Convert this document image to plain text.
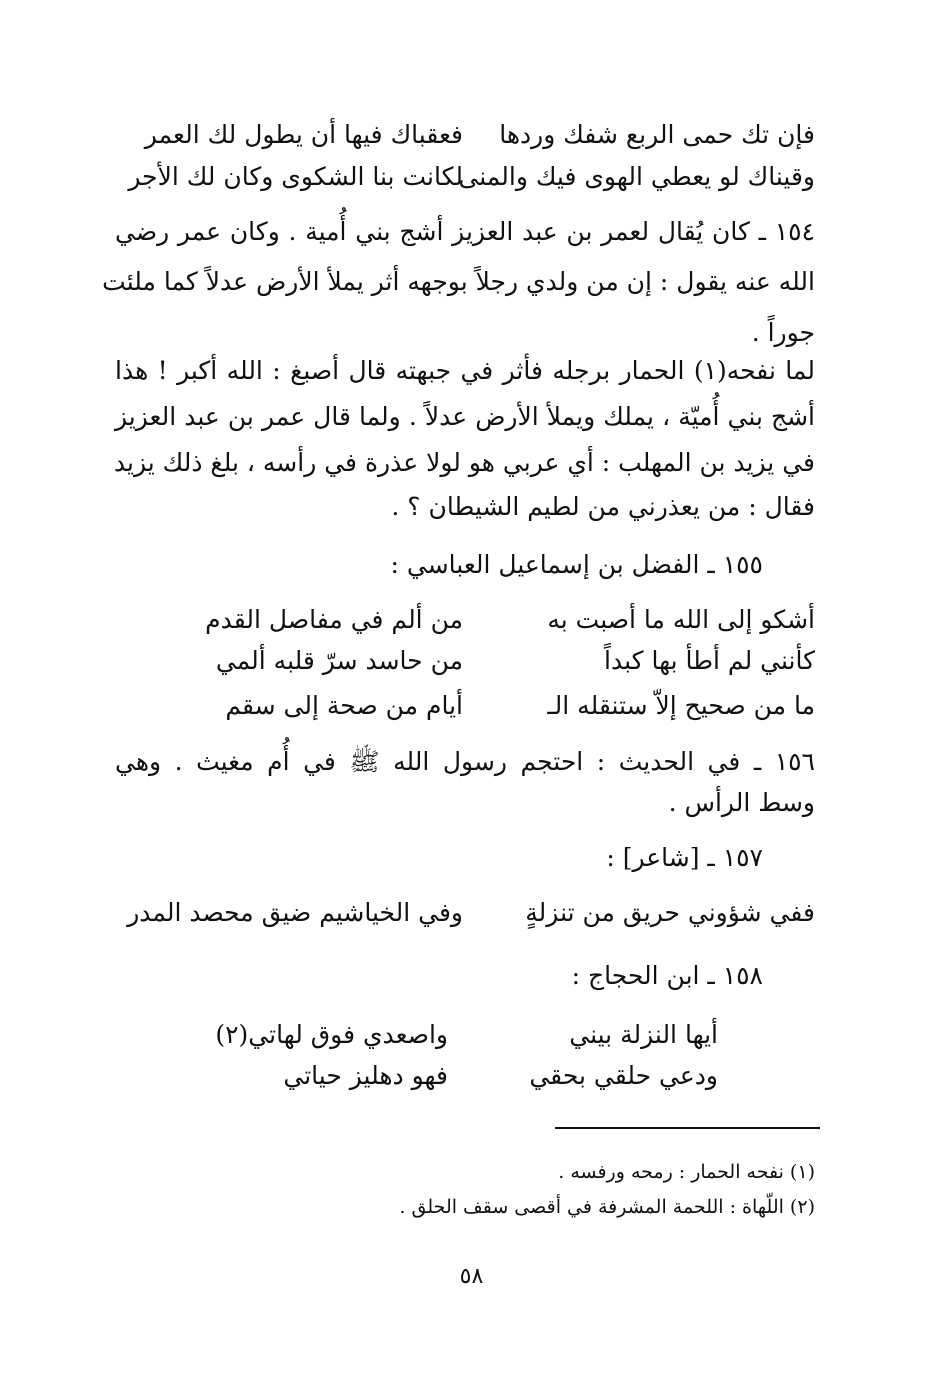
فإن تك حمى الربع شفك وردها
فعقباك فيها أن يطول لك العمر
وقيناك لو يعطي الهوى فيك والمنى
لكانت بنا الشكوى وكان لك الأجر
١٥٤ ـ كان يُقال لعمر بن عبد العزيز أشج بني أُمية . وكان عمر رضي
الله عنه يقول : إن من ولدي رجلاً بوجهه أثر يملأ الأرض عدلاً كما ملئت
جوراً .
لما نفحه(١) الحمار برجله فأثر في جبهته قال أصبغ : الله أكبر ! هذا
أشج بني أُميّة ، يملك ويملأ الأرض عدلاً . ولما قال عمر بن عبد العزيز
في يزيد بن المهلب : أي عربي هو لولا عذرة في رأسه ، بلغ ذلك يزيد
فقال : من يعذرني من لطيم الشيطان ؟ .
١٥٥ ـ الفضل بن إسماعيل العباسي :
أشكو إلى الله ما أصبت به
من ألم في مفاصل القدم
كأنني لم أطأ بها كبداً
من حاسد سرّ قلبه ألمي
ما من صحيح إلاّ ستنقله الـ
أيام من صحة إلى سقم
١٥٦ ـ في الحديث : احتجم رسول الله ﷺ في أُم مغيث . وهي
وسط الرأس .
١٥٧ ـ [شاعر] :
ففي شؤوني حريق من تنزلةٍ
وفي الخياشيم ضيق محصد المدر
١٥٨ ـ ابن الحجاج :
أيها النزلة بيني
واصعدي فوق لهاتي(٢)
ودعي حلقي بحقي
فهو دهليز حياتي
(١) نفحه الحمار : رمحه ورفسه .
(٢) اللّهاة : اللحمة المشرفة في أقصى سقف الحلق .
٥٨
